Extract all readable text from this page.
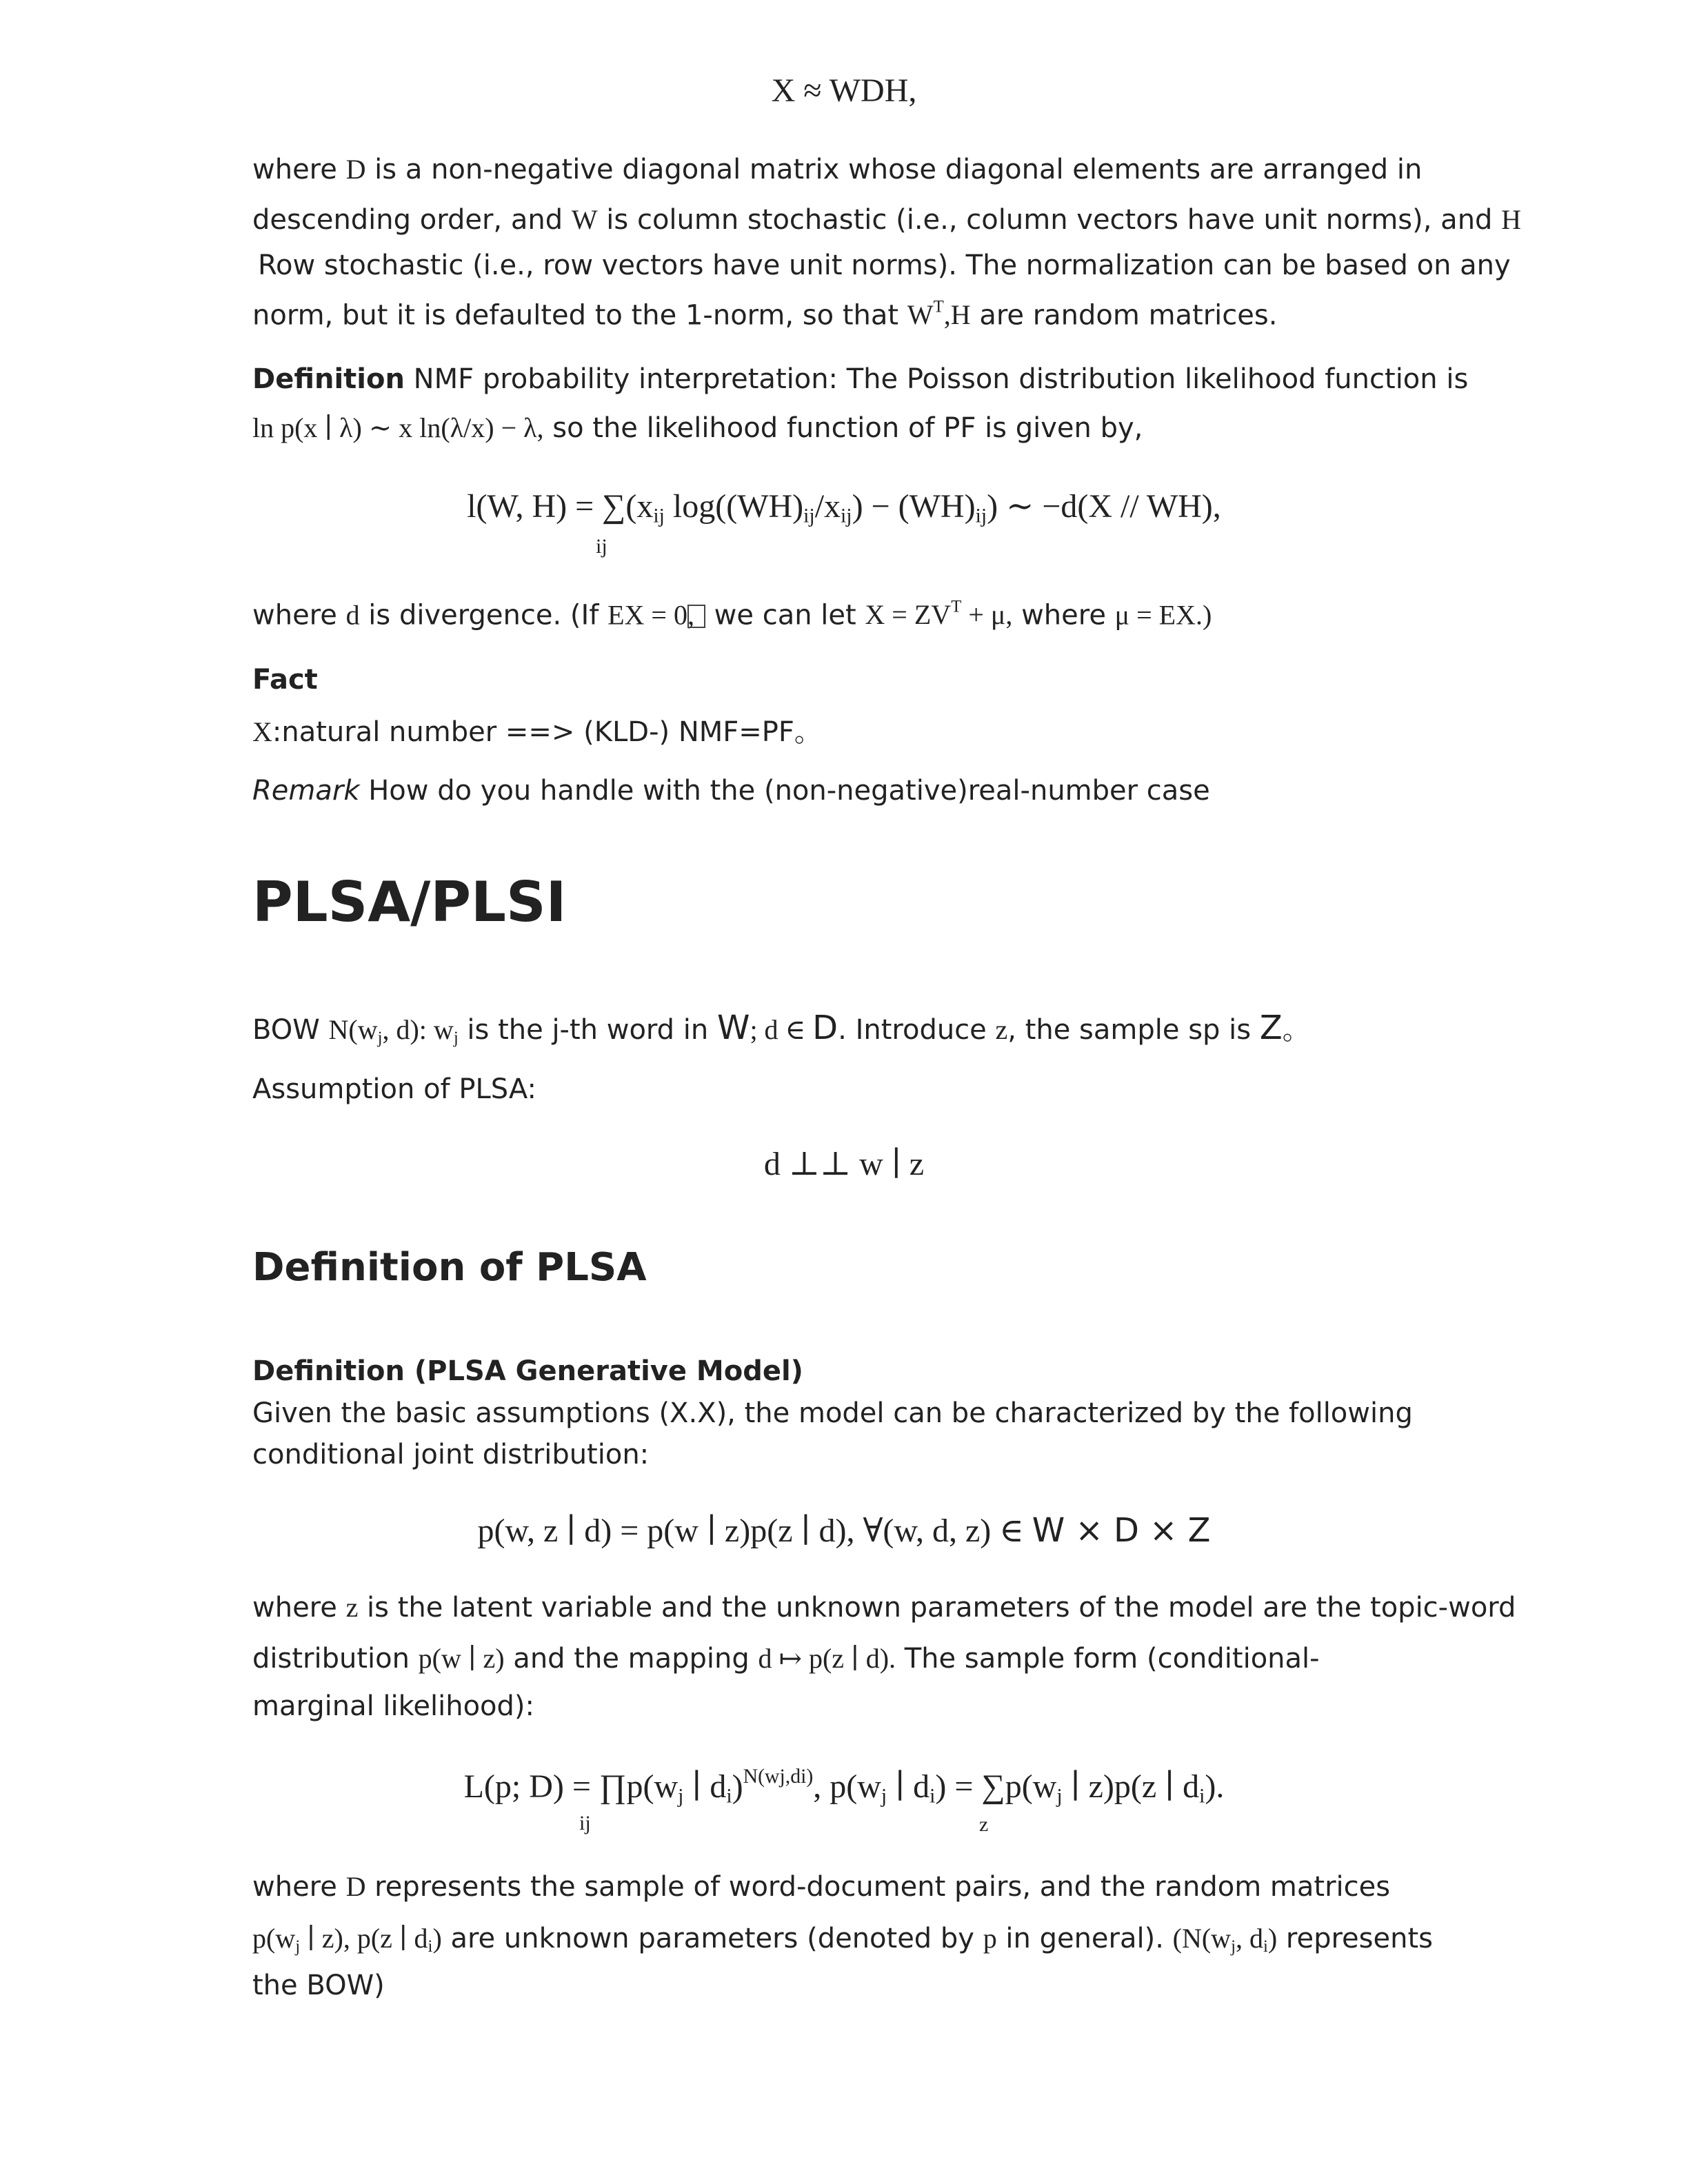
X ≈ WDH,
where D is a non-negative diagonal matrix whose diagonal elements are arranged in
descending order, and W is column stochastic (i.e., column vectors have unit norms), and H
Row stochastic (i.e., row vectors have unit norms). The normalization can be based on any
norm, but it is defaulted to the 1-norm, so that $W^T,H$ are random matrices.
Definition NMF probability interpretation: The Poisson distribution likelihood function is
ln p(x ∣ λ) ∼ x ln(λ/x) − λ, so the likelihood function of PF is given by,
l(W, $H) = \sum(x_{ij}$ $\log((WH)_{ij}/x_{ij}) - (WH)_{ij}$) ∼ −d(X // WH),
ij
where d is divergence. (If EX = 0, we can let $X = ZV^T + \mu$, where μ = EX.)
Fact
X:natural number ==> (KLD-) NMF=PF。
Remark How do you handle with the (non-negative)real-number case
PLSA/PLSI
BOW $N(w_j$, d): $w_j$ is the j-th word in W; d ∈ D. Introduce z, the sample sp is Z。
Assumption of PLSA:
d ⊥⊥ w ∣ z
Definition of PLSA
Definition (PLSA Generative Model)
Given the basic assumptions (X.X), the model can be characterized by the following
conditional joint distribution:
p(w, z ∣ d) = p(w ∣ z)p(z ∣ d), ∀(w, d, z) ∈ W × D × Z
where z is the latent variable and the unknown parameters of the model are the topic-word
distribution p(w ∣ z) and the mapping d ↦ p(z ∣ d). The sample form (conditional-
marginal likelihood):
L(p; $D) = \prod p(w_j$ ∣ $d_i)^{N(wj,di)}$, $p(w_j$ ∣ $d_i) = \sum p(w_j$ ∣ z)p(z ∣ $d_i$).
ij	z
where D represents the sample of word-document pairs, and the random matrices
$p(w_j$ ∣ z), p(z ∣ $d_i$) are unknown parameters (denoted by p in general). ($N(w_j$, $d_i$) represents
the BOW)
